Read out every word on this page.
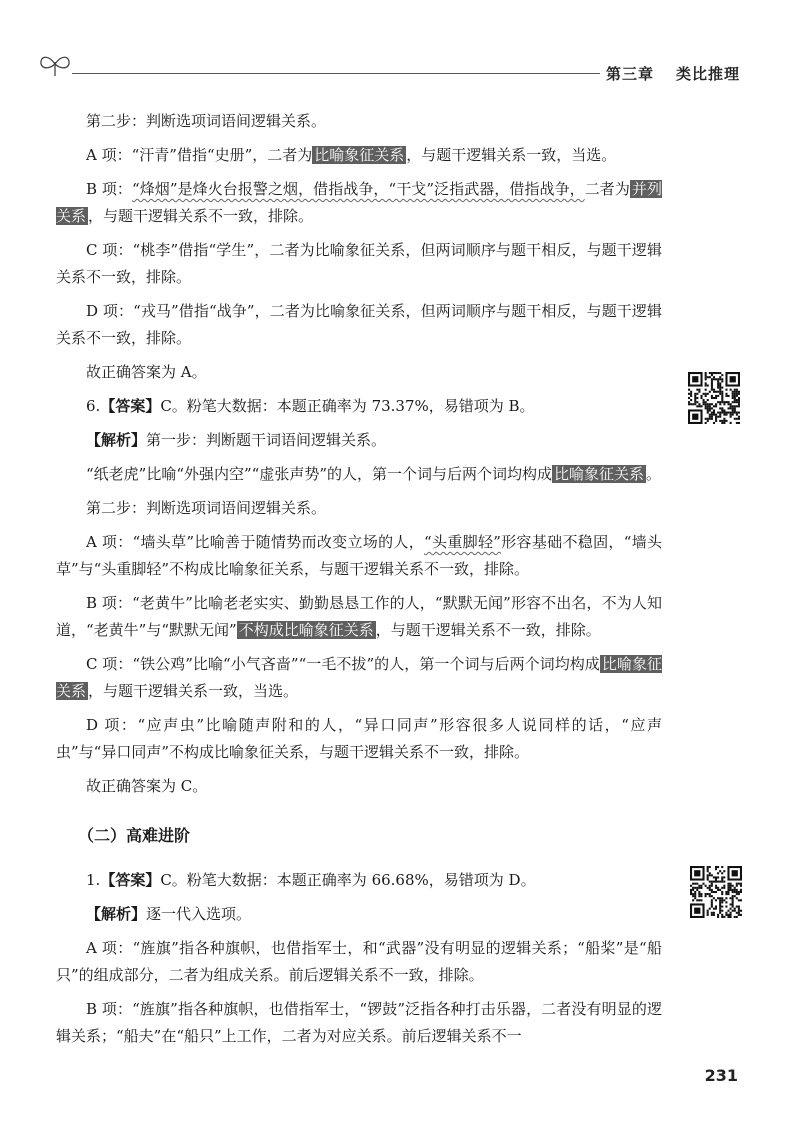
第三章 类比推理

第二步：判断选项词语间逻辑关系。

A 项：“汗青”借指“史册”，二者为 比喻象征关系 ，与题干逻辑关系一致，当选。

B 项：“烽烟”是烽火台报警之烟，借指战争，“干戈”泛指武器，借指战争，二者为 并列关系 ，与题干逻辑关系不一致，排除。

C 项：“桃李”借指“学生”，二者为比喻象征关系，但两词顺序与题干相反，与题干逻辑关系不一致，排除。

D 项：“戎马”借指“战争”，二者为比喻象征关系，但两词顺序与题干相反，与题干逻辑关系不一致，排除。

故正确答案为 A。

6.【答案】C。粉笔大数据：本题正确率为 73.37%，易错项为 B。

【解析】第一步：判断题干词语间逻辑关系。

“纸老虎”比喻“外强内空”“虚张声势”的人，第一个词与后两个词均构成 比喻象征关系 。

第二步：判断选项词语间逻辑关系。

A 项：“墙头草”比喻善于随情势而改变立场的人，“头重脚轻”形容基础不稳固，“墙头草”与“头重脚轻”不构成比喻象征关系，与题干逻辑关系不一致，排除。

B 项：“老黄牛”比喻老老实实、勤勤恳恳工作的人，“默默无闻”形容不出名，不为人知道，“老黄牛”与“默默无闻” 不构成比喻象征关系 ，与题干逻辑关系不一致，排除。

C 项：“铁公鸡”比喻“小气吝啬”“一毛不拔”的人，第一个词与后两个词均构成 比喻象征关系 ，与题干逻辑关系一致，当选。

D 项：“应声虫”比喻随声附和的人，“异口同声”形容很多人说同样的话，“应声虫”与“异口同声”不构成比喻象征关系，与题干逻辑关系不一致，排除。

故正确答案为 C。

（二）高难进阶

1.【答案】C。粉笔大数据：本题正确率为 66.68%，易错项为 D。

【解析】逐一代入选项。

A 项：“旌旗”指各种旗帜，也借指军士，和“武器”没有明显的逻辑关系；“船桨”是“船只”的组成部分，二者为组成关系。前后逻辑关系不一致，排除。

B 项：“旌旗”指各种旗帜，也借指军士，“锣鼓”泛指各种打击乐器，二者没有明显的逻辑关系；“船夫”在“船只”上工作，二者为对应关系。前后逻辑关系不一

231
